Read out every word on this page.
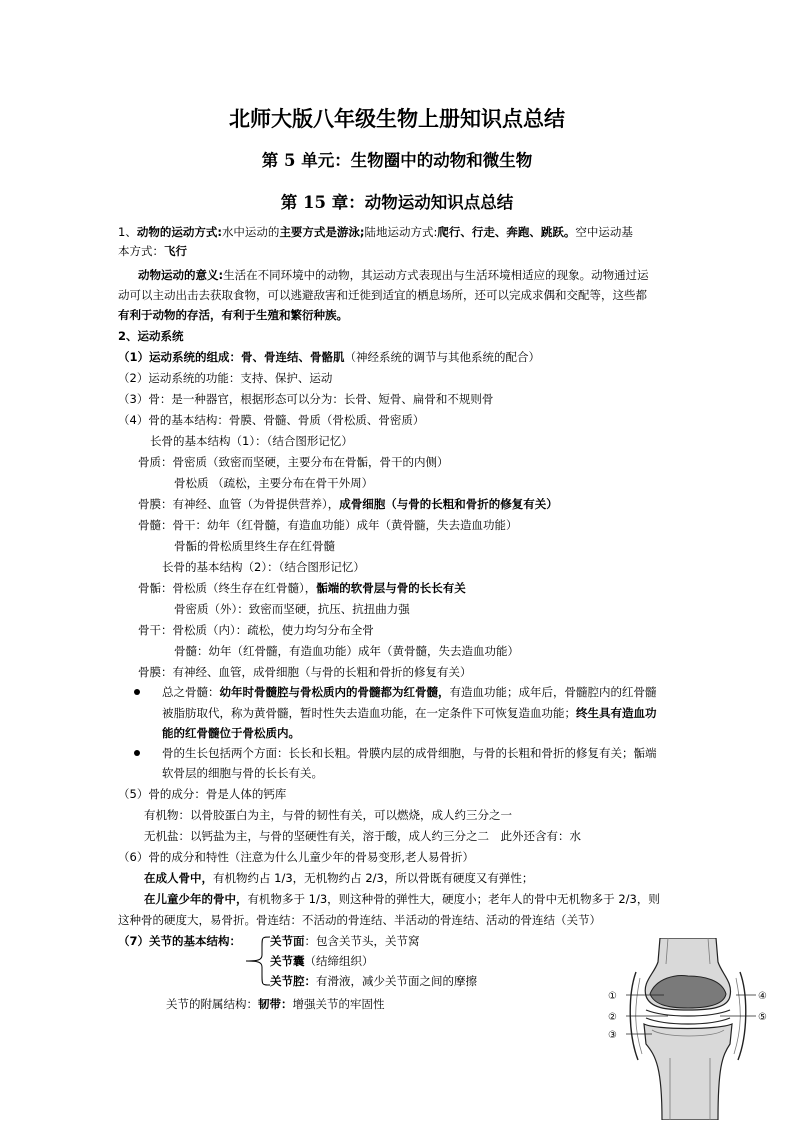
北师大版八年级生物上册知识点总结
第 5 单元：生物圈中的动物和微生物
第 15 章：动物运动知识点总结
1、动物的运动方式:水中运动的主要方式是游泳;陆地运动方式:爬行、行走、奔跑、跳跃。空中运动基
本方式：飞行
动物运动的意义:生活在不同环境中的动物，其运动方式表现出与生活环境相适应的现象。动物通过运
动可以主动出击去获取食物，可以逃避敌害和迁徙到适宜的栖息场所，还可以完成求偶和交配等，这些都
有利于动物的存活，有利于生殖和繁衍种族。
2、运动系统
（1）运动系统的组成：骨、骨连结、骨骼肌（神经系统的调节与其他系统的配合）
（2）运动系统的功能：支持、保护、运动
（3）骨：是一种器官，根据形态可以分为：长骨、短骨、扁骨和不规则骨
（4）骨的基本结构：骨膜、骨髓、骨质（骨松质、骨密质）
长骨的基本结构（1）：（结合图形记忆）
骨质：骨密质（致密而坚硬，主要分布在骨骺，骨干的内侧）
骨松质 （疏松，主要分布在骨干外周）
骨膜：有神经、血管（为骨提供营养），成骨细胞（与骨的长粗和骨折的修复有关）
骨髓：骨干：幼年（红骨髓，有造血功能）成年（黄骨髓，失去造血功能）
骨骺的骨松质里终生存在红骨髓
长骨的基本结构（2）：（结合图形记忆）
骨骺：骨松质（终生存在红骨髓），骺端的软骨层与骨的长长有关
骨密质（外）：致密而坚硬，抗压、抗扭曲力强
骨干：骨松质（内）：疏松，使力均匀分布全骨
骨髓：幼年（红骨髓，有造血功能）成年（黄骨髓，失去造血功能）
骨膜：有神经、血管，成骨细胞（与骨的长粗和骨折的修复有关）
总之骨髓：幼年时骨髓腔与骨松质内的骨髓都为红骨髓，有造血功能；成年后，骨髓腔内的红骨髓
被脂肪取代，称为黄骨髓，暂时性失去造血功能，在一定条件下可恢复造血功能；终生具有造血功
能的红骨髓位于骨松质内。
骨的生长包括两个方面：长长和长粗。骨膜内层的成骨细胞，与骨的长粗和骨折的修复有关；骺端
软骨层的细胞与骨的长长有关。
（5）骨的成分：骨是人体的钙库
有机物：以骨胶蛋白为主，与骨的韧性有关，可以燃烧，成人约三分之一
无机盐：以钙盐为主，与骨的坚硬性有关，溶于酸，成人约三分之二　此外还含有：水
（6）骨的成分和特性（注意为什么儿童少年的骨易变形,老人易骨折）
在成人骨中，有机物约占 1/3，无机物约占 2/3，所以骨既有硬度又有弹性；
在儿童少年的骨中，有机物多于 1/3，则这种骨的弹性大，硬度小；老年人的骨中无机物多于 2/3，则
这种骨的硬度大，易骨折。骨连结：不活动的骨连结、半活动的骨连结、活动的骨连结（关节）
（7）关节的基本结构：	关节面：包含关节头，关节窝
关节囊（结缔组织）
关节腔：有滑液，减少关节面之间的摩擦
关节的附属结构：韧带：增强关节的牢固性
①
②
③
④
⑤
